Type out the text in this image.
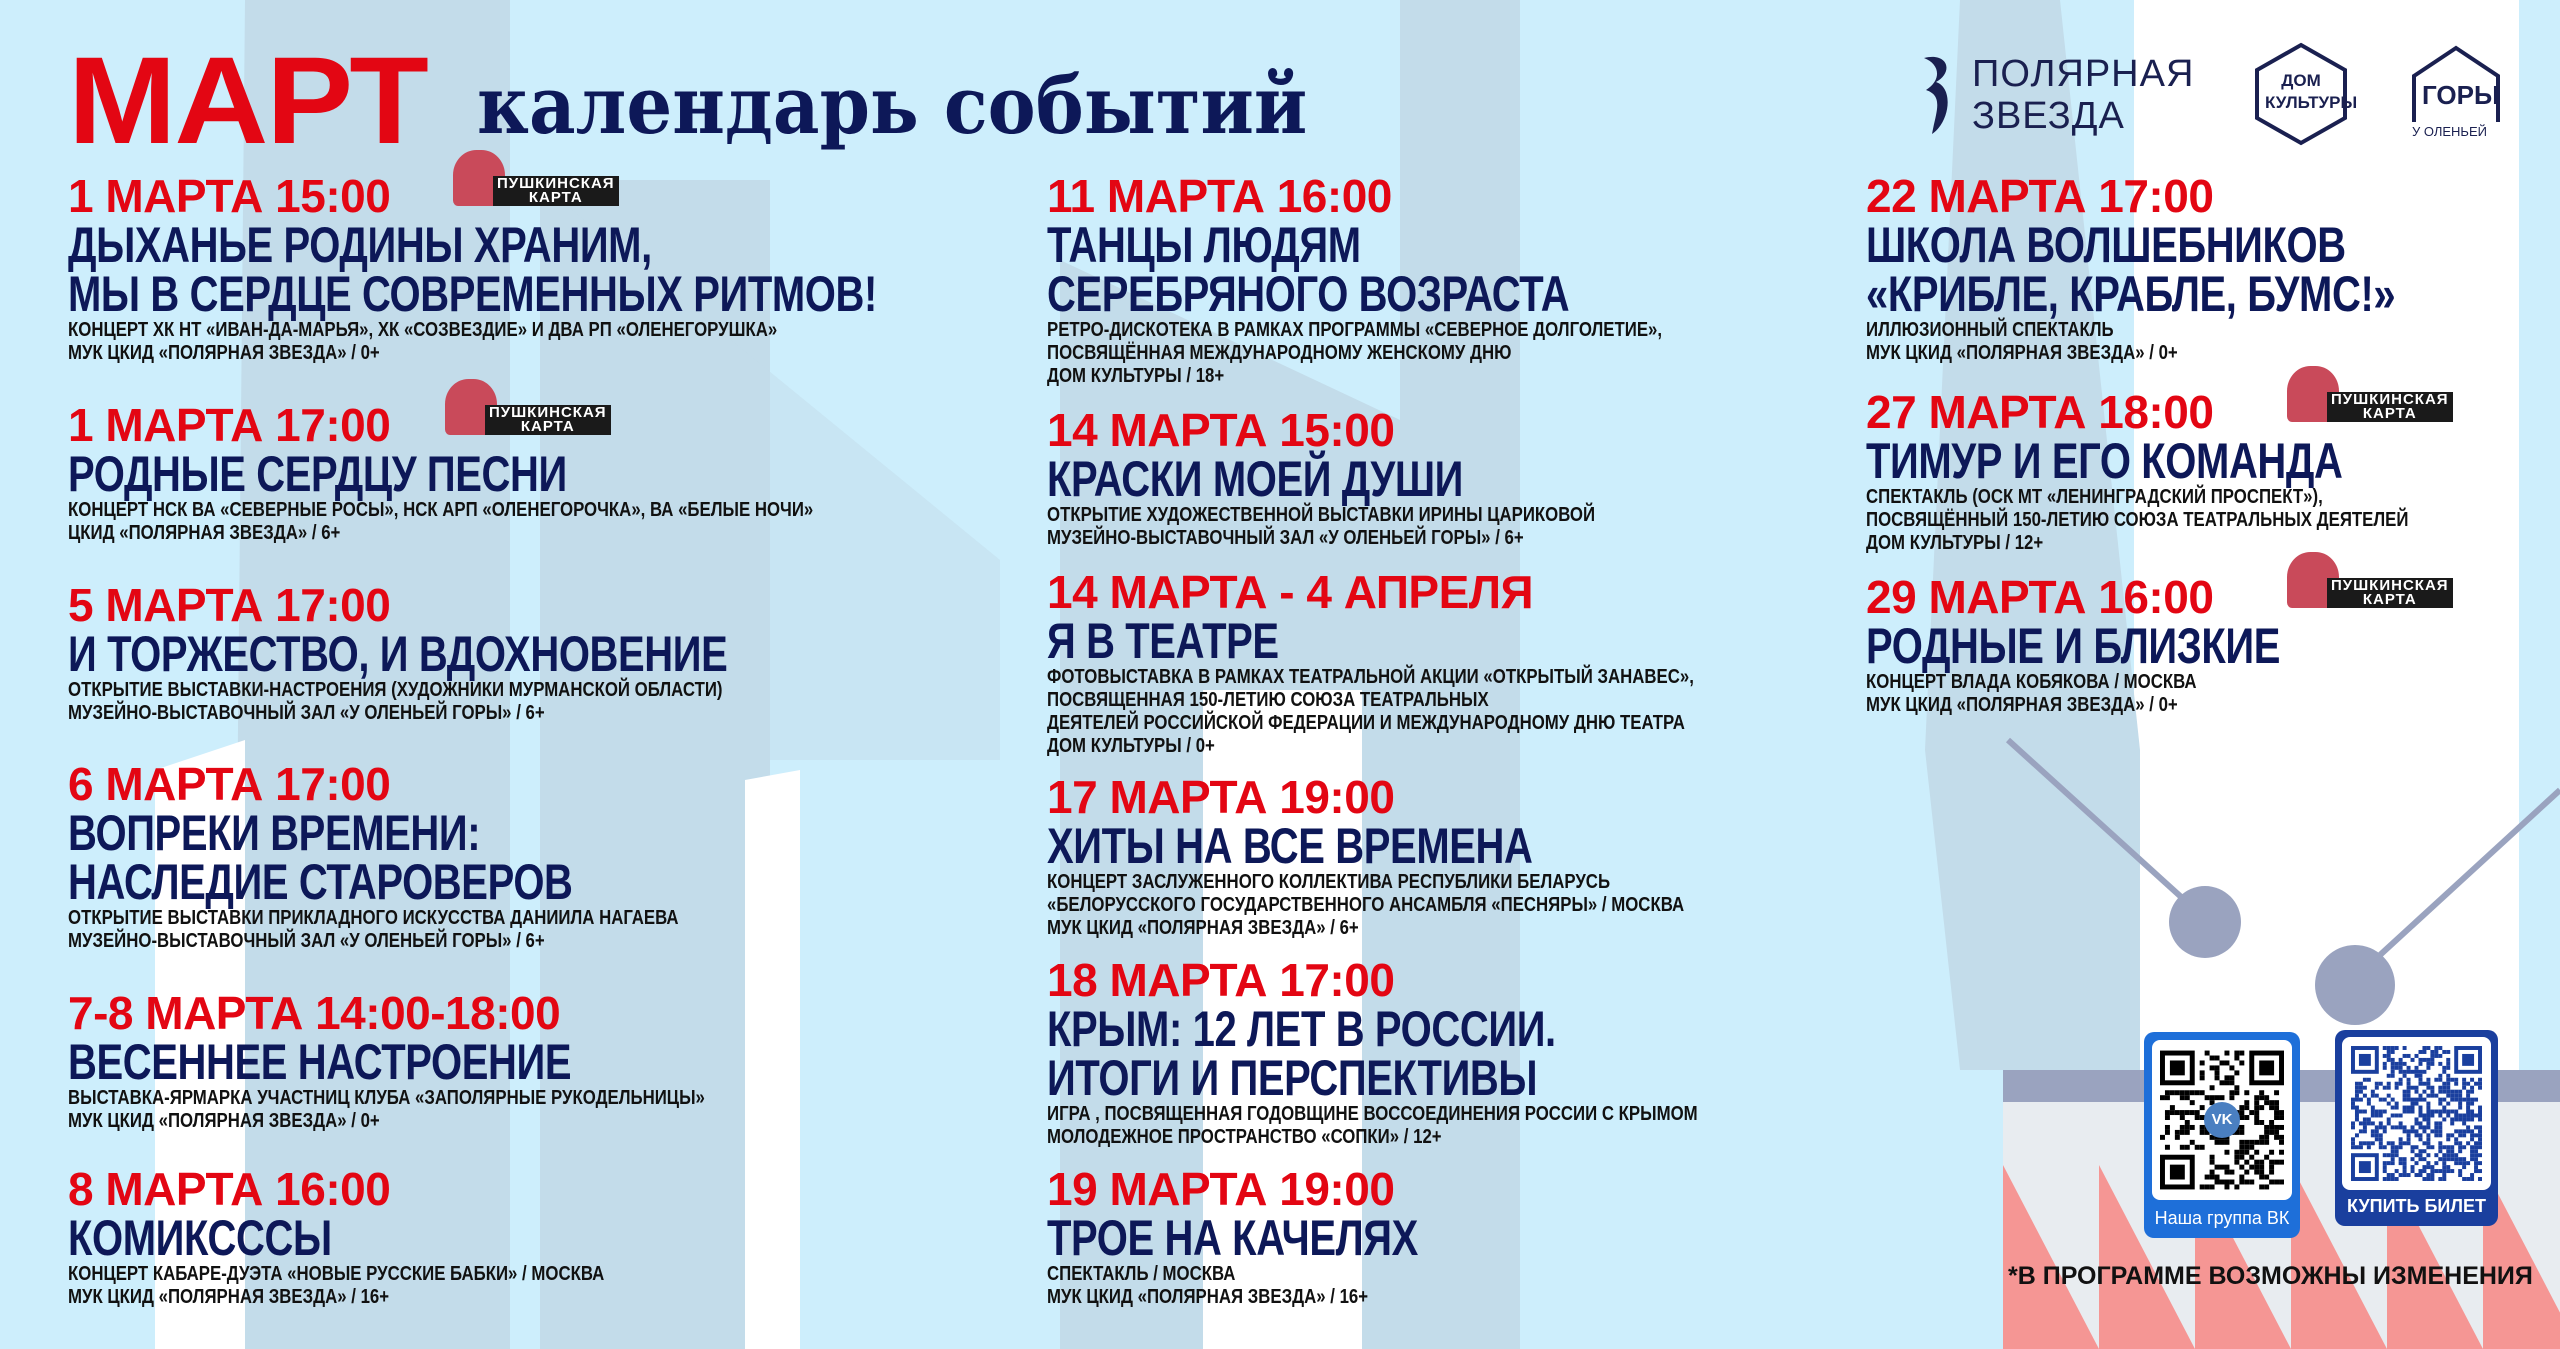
МАРТ календарь событий	ПОЛЯРНАЯ
ЗВЕЗДА
ДОМ КУЛЬТУРЫ ГОРЫ
У ОЛЕНЬЕЙ
1 МАРТА 15:00
ДЫХАНЬЕ РОДИНЫ ХРАНИМ,
МЫ В СЕРДЦЕ СОВРЕМЕННЫХ РИТМОВ!
КОНЦЕРТ ХК НТ «ИВАН-ДА-МАРЬЯ», ХК «СОЗВЕЗДИЕ» И ДВА РП «ОЛЕНЕГОРУШКА»
МУК ЦКИД «ПОЛЯРНАЯ ЗВЕЗДА» / 0+
ПУШКИНСКАЯ
КАРТА
1 МАРТА 17:00
РОДНЫЕ СЕРДЦУ ПЕСНИ
КОНЦЕРТ НСК ВА «СЕВЕРНЫЕ РОСЫ», НСК АРП «ОЛЕНЕГОРОЧКА», ВА «БЕЛЫЕ НОЧИ»
ЦКИД «ПОЛЯРНАЯ ЗВЕЗДА» / 6+
ПУШКИНСКАЯ
КАРТА
5 МАРТА 17:00
И ТОРЖЕСТВО, И ВДОХНОВЕНИЕ
ОТКРЫТИЕ ВЫСТАВКИ-НАСТРОЕНИЯ (ХУДОЖНИКИ МУРМАНСКОЙ ОБЛАСТИ)
МУЗЕЙНО-ВЫСТАВОЧНЫЙ ЗАЛ «У ОЛЕНЬЕЙ ГОРЫ» / 6+
6 МАРТА 17:00
ВОПРЕКИ ВРЕМЕНИ:
НАСЛЕДИЕ СТАРОВЕРОВ
ОТКРЫТИЕ ВЫСТАВКИ ПРИКЛАДНОГО ИСКУССТВА ДАНИИЛА НАГАЕВА
МУЗЕЙНО-ВЫСТАВОЧНЫЙ ЗАЛ «У ОЛЕНЬЕЙ ГОРЫ» / 6+
7-8 МАРТА 14:00-18:00
ВЕСЕННЕЕ НАСТРОЕНИЕ
ВЫСТАВКА-ЯРМАРКА УЧАСТНИЦ КЛУБА «ЗАПОЛЯРНЫЕ РУКОДЕЛЬНИЦЫ»
МУК ЦКИД «ПОЛЯРНАЯ ЗВЕЗДА» / 0+
8 МАРТА 16:00
КОМИКСССЫ
КОНЦЕРТ КАБАРЕ-ДУЭТА «НОВЫЕ РУССКИЕ БАБКИ» / МОСКВА
МУК ЦКИД «ПОЛЯРНАЯ ЗВЕЗДА» / 16+
11 МАРТА 16:00
ТАНЦЫ ЛЮДЯМ
СЕРЕБРЯНОГО ВОЗРАСТА
РЕТРО-ДИСКОТЕКА В РАМКАХ ПРОГРАММЫ «СЕВЕРНОЕ ДОЛГОЛЕТИЕ»,
ПОСВЯЩЁННАЯ МЕЖДУНАРОДНОМУ ЖЕНСКОМУ ДНЮ
ДОМ КУЛЬТУРЫ / 18+
14 МАРТА 15:00
КРАСКИ МОЕЙ ДУШИ
ОТКРЫТИЕ ХУДОЖЕСТВЕННОЙ ВЫСТАВКИ ИРИНЫ ЦАРИКОВОЙ
МУЗЕЙНО-ВЫСТАВОЧНЫЙ ЗАЛ «У ОЛЕНЬЕЙ ГОРЫ» / 6+
14 МАРТА - 4 АПРЕЛЯ
Я В ТЕАТРЕ
ФОТОВЫСТАВКА В РАМКАХ ТЕАТРАЛЬНОЙ АКЦИИ «ОТКРЫТЫЙ ЗАНАВЕС»,
ПОСВЯЩЕННАЯ 150-ЛЕТИЮ СОЮЗА ТЕАТРАЛЬНЫХ
ДЕЯТЕЛЕЙ РОССИЙСКОЙ ФЕДЕРАЦИИ И МЕЖДУНАРОДНОМУ ДНЮ ТЕАТРА
ДОМ КУЛЬТУРЫ / 0+
17 МАРТА 19:00
ХИТЫ НА ВСЕ ВРЕМЕНА
КОНЦЕРТ ЗАСЛУЖЕННОГО КОЛЛЕКТИВА РЕСПУБЛИКИ БЕЛАРУСЬ
«БЕЛОРУССКОГО ГОСУДАРСТВЕННОГО АНСАМБЛЯ «ПЕСНЯРЫ» / МОСКВА
МУК ЦКИД «ПОЛЯРНАЯ ЗВЕЗДА» / 6+
18 МАРТА 17:00
КРЫМ: 12 ЛЕТ В РОССИИ.
ИТОГИ И ПЕРСПЕКТИВЫ
ИГРА , ПОСВЯЩЕННАЯ ГОДОВЩИНЕ ВОССОЕДИНЕНИЯ РОССИИ С КРЫМОМ
МОЛОДЕЖНОЕ ПРОСТРАНСТВО «СОПКИ» / 12+
19 МАРТА 19:00
ТРОЕ НА КАЧЕЛЯХ
СПЕКТАКЛЬ / МОСКВА
МУК ЦКИД «ПОЛЯРНАЯ ЗВЕЗДА» / 16+
22 МАРТА 17:00
ШКОЛА ВОЛШЕБНИКОВ
«КРИБЛЕ, КРАБЛЕ, БУМС!»
ИЛЛЮЗИОННЫЙ СПЕКТАКЛЬ
МУК ЦКИД «ПОЛЯРНАЯ ЗВЕЗДА» / 0+
27 МАРТА 18:00
ТИМУР И ЕГО КОМАНДА
СПЕКТАКЛЬ (ОСК МТ «ЛЕНИНГРАДСКИЙ ПРОСПЕКТ»),
ПОСВЯЩЁННЫЙ 150-ЛЕТИЮ СОЮЗА ТЕАТРАЛЬНЫХ ДЕЯТЕЛЕЙ
ДОМ КУЛЬТУРЫ / 12+
ПУШКИНСКАЯ
КАРТА
29 МАРТА 16:00
РОДНЫЕ И БЛИЗКИЕ
КОНЦЕРТ ВЛАДА КОБЯКОВА / МОСКВА
МУК ЦКИД «ПОЛЯРНАЯ ЗВЕЗДА» / 0+
ПУШКИНСКАЯ
КАРТА
VK
Наша группа ВК
КУПИТЬ БИЛЕТ
*В ПРОГРАММЕ ВОЗМОЖНЫ ИЗМЕНЕНИЯ
